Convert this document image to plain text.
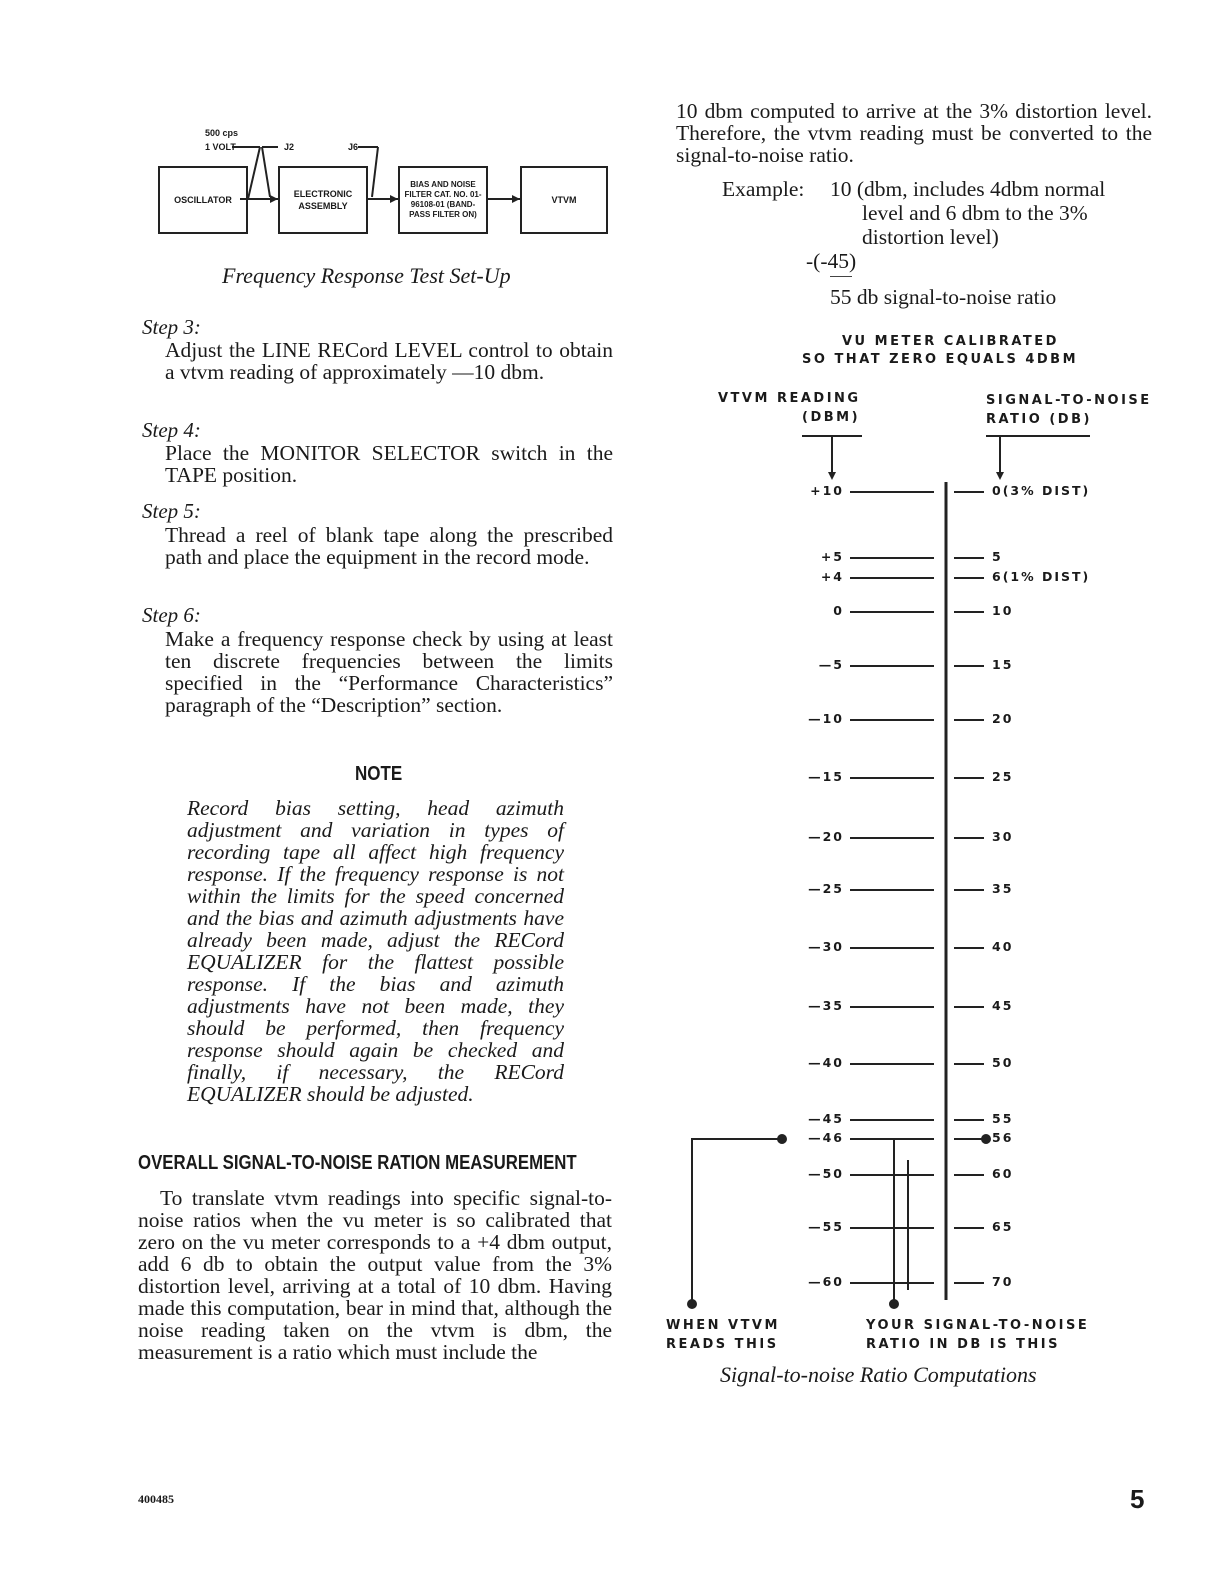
500 cps
1 VOLT	J2	J6
OSCILLATOR
ELECTRONIC ASSEMBLY
BIAS AND NOISE FILTER CAT. NO. 01-96108-01 (BAND-PASS FILTER ON)
VTVM
Frequency Response Test Set-Up
Step 3:
Adjust the LINE RECord LEVEL control to obtain a vtvm reading of approximately —10 dbm.
Step 4:
Place the MONITOR SELECTOR switch in the TAPE position.
Step 5:
Thread a reel of blank tape along the prescribed path and place the equipment in the record mode.
Step 6:
Make a frequency response check by using at least ten discrete frequencies between the limits specified in the “Performance Characteristics” paragraph of the “Description” section.
NOTE
Record bias setting, head azimuth adjustment and variation in types of recording tape all affect high frequency response. If the frequency response is not within the limits for the speed concerned and the bias and azimuth adjustments have already been made, adjust the RECord EQUALIZER for the flattest possible response. If the bias and azimuth adjustments have not been made, they should be performed, then frequency response should again be checked and finally, if necessary, the RECord EQUALIZER should be adjusted.
OVERALL SIGNAL-TO-NOISE RATION MEASUREMENT
To translate vtvm readings into specific signal-to-noise ratios when the vu meter is so calibrated that zero on the vu meter corresponds to a +4 dbm output, add 6 db to obtain the output value from the 3% distortion level, arriving at a total of 10 dbm. Having made this computation, bear in mind that, although the noise reading taken on the vtvm is dbm, the measurement is a ratio which must include the
10 dbm computed to arrive at the 3% distortion level. Therefore, the vtvm reading must be converted to the signal-to-noise ratio.
Example: 10 (dbm, includes 4dbm normal
level and 6 dbm to the 3%
distortion level)
-(-45)
55 db signal-to-noise ratio
VU METER CALIBRATED
SO THAT ZERO EQUALS 4DBM
VTVM READING
(DBM)
SIGNAL-TO-NOISE
RATIO (DB)
+10	0(3% DIST)
+5	5
+4	6(1% DIST)
0	10
—5	15
—10	20
—15	25
—20	30
—25	35
—30	40
—35	45
—40	50
—45	55
—46	56
—50	60
—55	65
—60	70
WHEN VTVM
READS THIS
YOUR SIGNAL-TO-NOISE
RATIO IN DB IS THIS
Signal-to-noise Ratio Computations
400485	5
